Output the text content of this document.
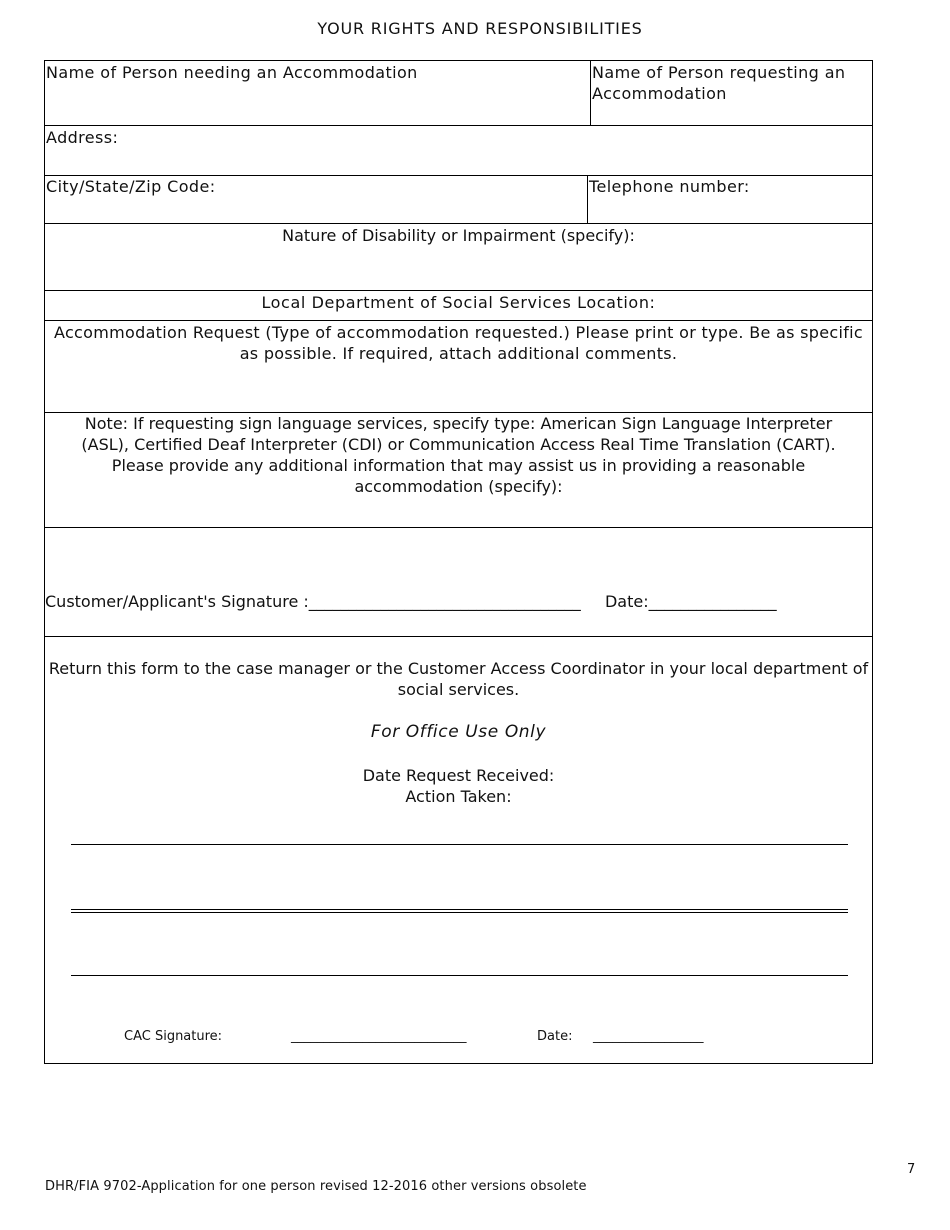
YOUR RIGHTS AND RESPONSIBILITIES
Name of Person needing an Accommodation	Name of Person requesting an Accommodation
Address:
City/State/Zip Code:	Telephone number:
Nature of Disability or Impairment (specify):
Local Department of Social Services Location:
Accommodation Request (Type of accommodation requested.) Please print or type. Be as specific as possible. If required, attach additional comments.
Note: If requesting sign language services, specify type: American Sign Language Interpreter (ASL), Certified Deaf Interpreter (CDI) or Communication Access Real Time Translation (CART).
Please provide any additional information that may assist us in providing a reasonable accommodation (specify):
Customer/Applicant's Signature :__________________________________ Date:________________
Return this form to the case manager or the Customer Access Coordinator in your local department of social services.
For Office Use Only
Date Request Received:
Action Taken:
CAC Signature:	___________________________	Date: _________________
7
DHR/FIA 9702-Application for one person revised 12-2016 other versions obsolete
